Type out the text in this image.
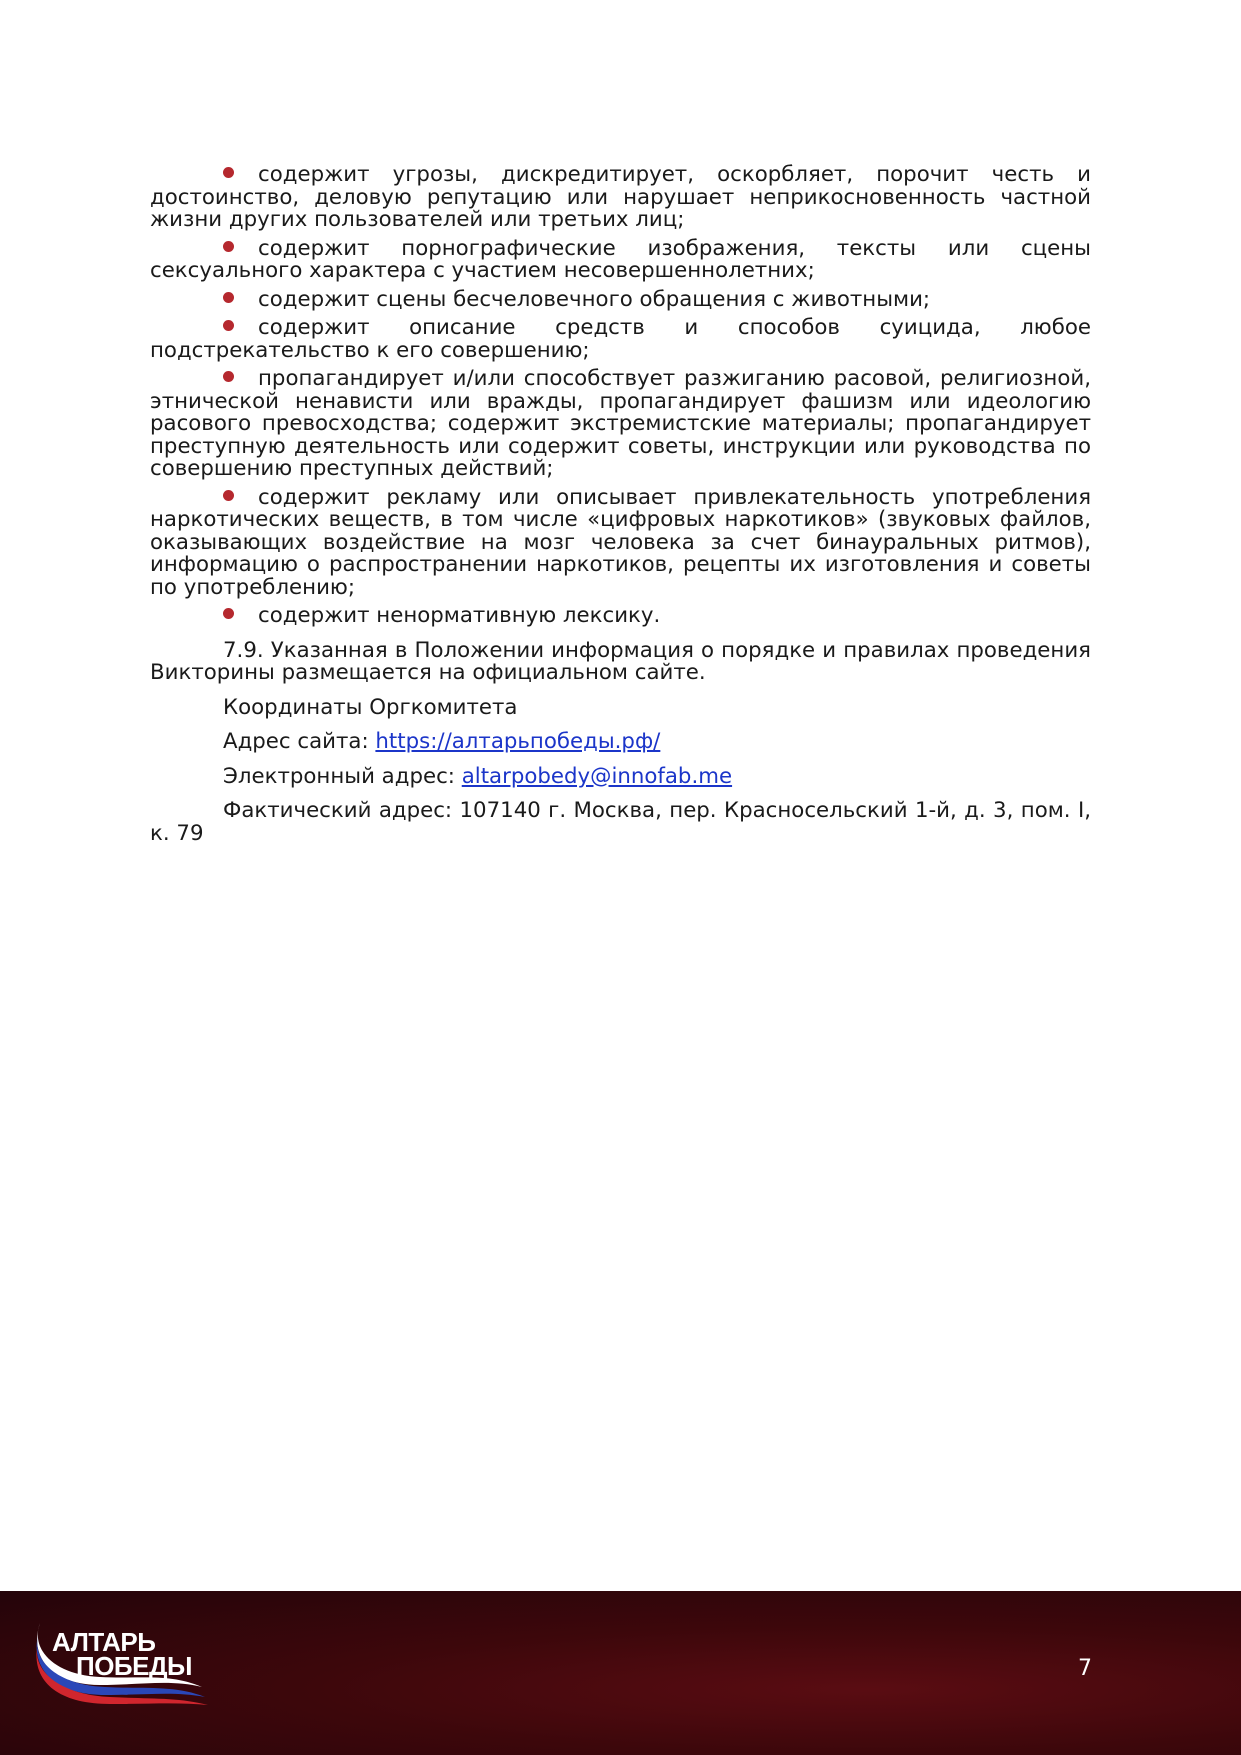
содержит угрозы, дискредитирует, оскорбляет, порочит честь и достоинство, деловую репутацию или нарушает неприкосновенность частной жизни других пользователей или третьих лиц;

содержит порнографические изображения, тексты или сцены сексуального характера с участием несовершеннолетних;

содержит сцены бесчеловечного обращения с животными;

содержит описание средств и способов суицида, любое подстрекательство к его совершению;

пропагандирует и/или способствует разжиганию расовой, религиозной, этнической ненависти или вражды, пропагандирует фашизм или идеологию расового превосходства; содержит экстремистские материалы; пропагандирует преступную деятельность или содержит советы, инструкции или руководства по совершению преступных действий;

содержит рекламу или описывает привлекательность употребления наркотических веществ, в том числе «цифровых наркотиков» (звуковых файлов, оказывающих воздействие на мозг человека за счет бинауральных ритмов), информацию о распространении наркотиков, рецепты их изготовления и советы по употреблению;

содержит ненормативную лексику.

7.9. Указанная в Положении информация о порядке и правилах проведения Викторины размещается на официальном сайте.

Координаты Оргкомитета

Адрес сайта: https://алтарьпобеды.рф/

Электронный адрес: altarpobedy@innofab.me

Фактический адрес: 107140 г. Москва, пер. Красносельский 1-й, д. 3, пом. I, к. 79

АЛТАРЬ
ПОБЕДЫ	7
